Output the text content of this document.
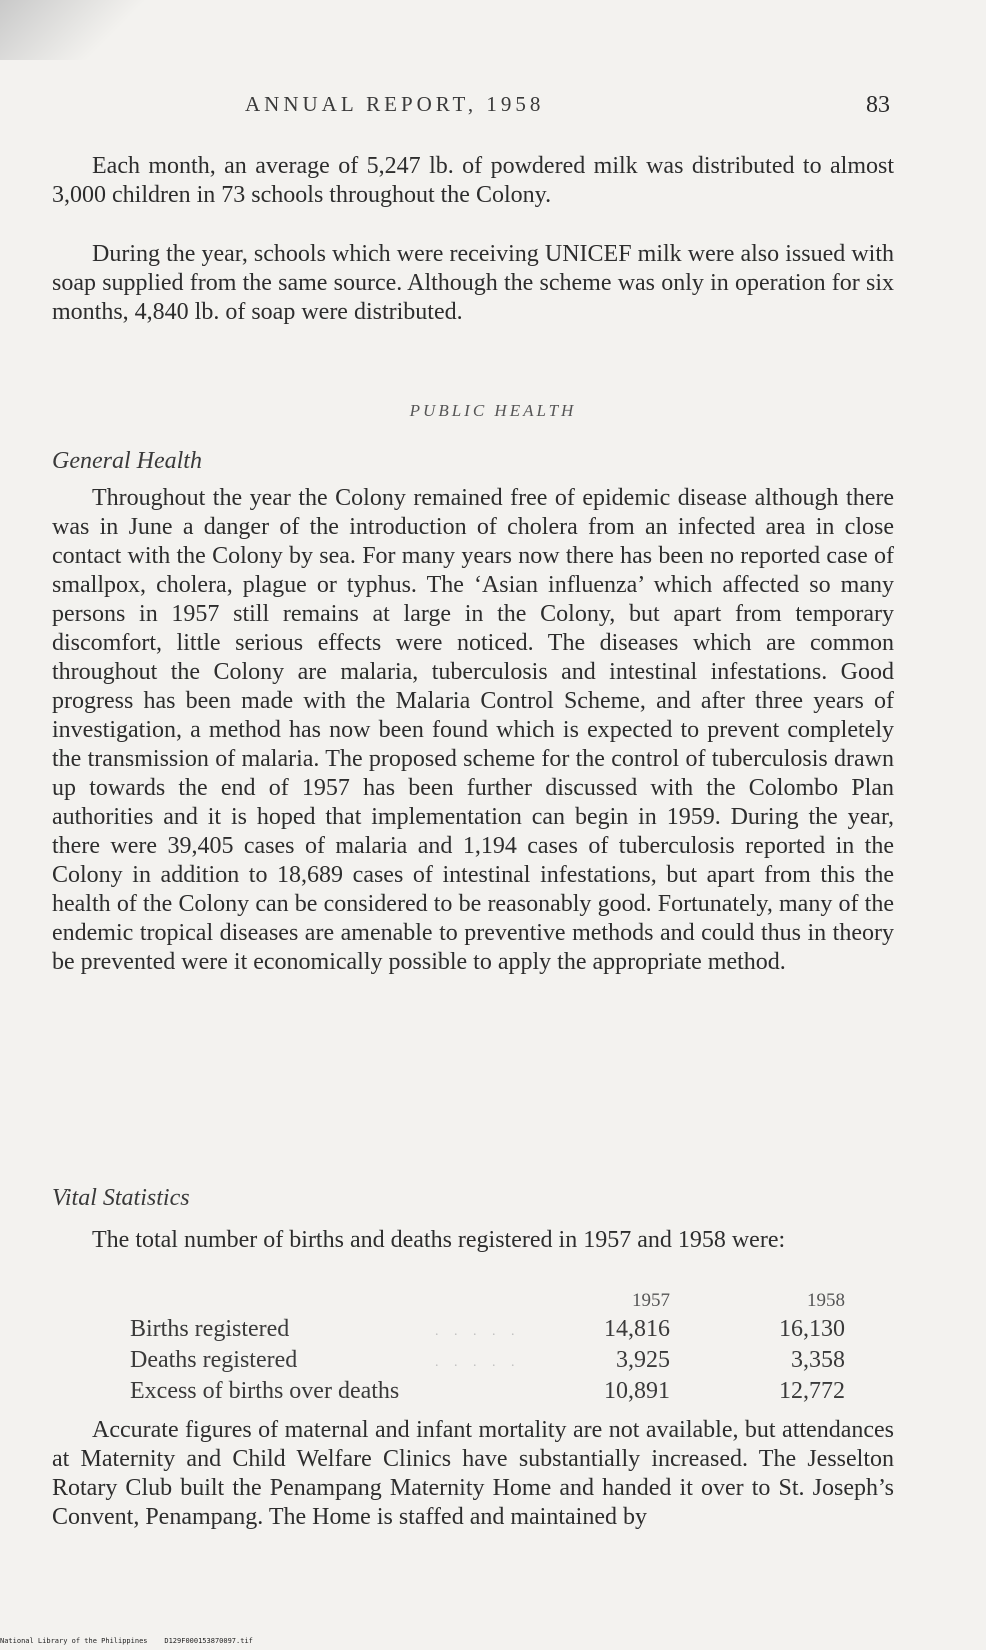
ANNUAL REPORT, 1958	83

Each month, an average of 5,247 lb. of powdered milk was distributed to almost 3,000 children in 73 schools throughout the Colony.

During the year, schools which were receiving UNICEF milk were also issued with soap supplied from the same source. Although the scheme was only in operation for six months, 4,840 lb. of soap were distributed.

PUBLIC HEALTH
General Health

Throughout the year the Colony remained free of epidemic disease although there was in June a danger of the introduction of cholera from an infected area in close contact with the Colony by sea. For many years now there has been no reported case of smallpox, cholera, plague or typhus. The ‘Asian influenza’ which affected so many persons in 1957 still remains at large in the Colony, but apart from temporary discomfort, little serious effects were noticed. The diseases which are common throughout the Colony are malaria, tuberculosis and intestinal infestations. Good progress has been made with the Malaria Control Scheme, and after three years of investigation, a method has now been found which is expected to prevent completely the transmission of malaria. The proposed scheme for the control of tuberculosis drawn up towards the end of 1957 has been further discussed with the Colombo Plan authorities and it is hoped that implementation can begin in 1959. During the year, there were 39,405 cases of malaria and 1,194 cases of tuberculosis reported in the Colony in addition to 18,689 cases of intestinal infestations, but apart from this the health of the Colony can be considered to be reasonably good. Fortunately, many of the endemic tropical diseases are amenable to preventive methods and could thus in theory be prevented were it economically possible to apply the appropriate method.

Vital Statistics

The total number of births and deaths registered in 1957 and 1958 were:

1957	1958
Births registered	. . . . .	14,816	16,130
Deaths registered	. . . . .	3,925	3,358
Excess of births over deaths	10,891	12,772

Accurate figures of maternal and infant mortality are not available, but attendances at Maternity and Child Welfare Clinics have substantially increased. The Jesselton Rotary Club built the Penampang Maternity Home and handed it over to St. Joseph’s Convent, Penampang. The Home is staffed and maintained by

National Library of the Philippines D129F000153870097.tif
